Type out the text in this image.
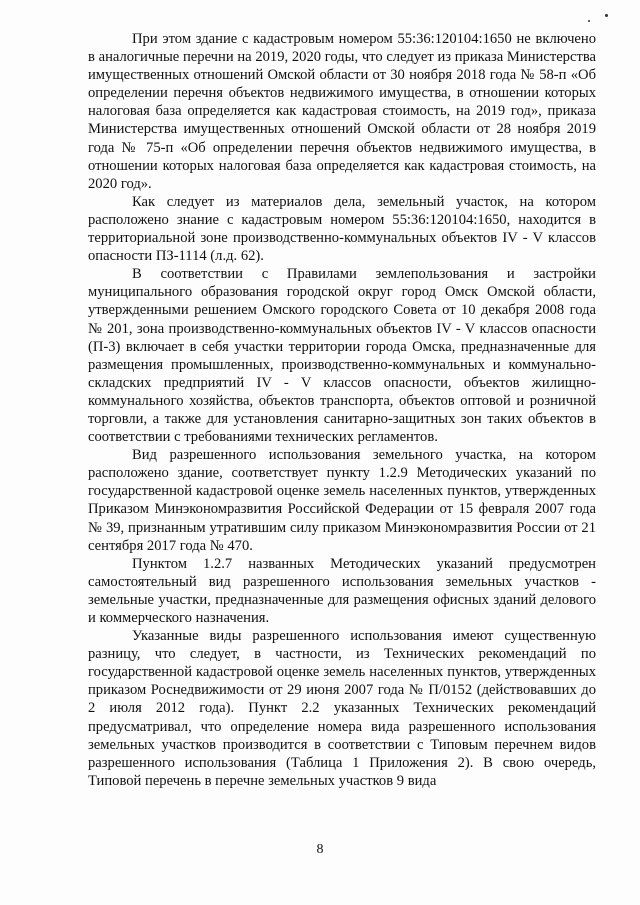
При этом здание с кадастровым номером 55:36:120104:1650 не включено в аналогичные перечни на 2019, 2020 годы, что следует из приказа Министерства имущественных отношений Омской области от 30 ноября 2018 года № 58-п «Об определении перечня объектов недвижимого имущества, в отношении которых налоговая база определяется как кадастровая стоимость, на 2019 год», приказа Министерства имущественных отношений Омской области от 28 ноября 2019 года № 75-п «Об определении перечня объектов недвижимого имущества, в отношении которых налоговая база определяется как кадастровая стоимость, на 2020 год».

Как следует из материалов дела, земельный участок, на котором расположено знание с кадастровым номером 55:36:120104:1650, находится в территориальной зоне производственно-коммунальных объектов IV - V классов опасности ПЗ-1114 (л.д. 62).

В соответствии с Правилами землепользования и застройки муниципального образования городской округ город Омск Омской области, утвержденными решением Омского городского Совета от 10 декабря 2008 года № 201, зона производственно-коммунальных объектов IV - V классов опасности (П-3) включает в себя участки территории города Омска, предназначенные для размещения промышленных, производственно-коммунальных и коммунально-складских предприятий IV - V классов опасности, объектов жилищно-коммунального хозяйства, объектов транспорта, объектов оптовой и розничной торговли, а также для установления санитарно-защитных зон таких объектов в соответствии с требованиями технических регламентов.

Вид разрешенного использования земельного участка, на котором расположено здание, соответствует пункту 1.2.9 Методических указаний по государственной кадастровой оценке земель населенных пунктов, утвержденных Приказом Минэкономразвития Российской Федерации от 15 февраля 2007 года № 39, признанным утратившим силу приказом Минэкономразвития России от 21 сентября 2017 года № 470.

Пунктом 1.2.7 названных Методических указаний предусмотрен самостоятельный вид разрешенного использования земельных участков - земельные участки, предназначенные для размещения офисных зданий делового и коммерческого назначения.

Указанные виды разрешенного использования имеют существенную разницу, что следует, в частности, из Технических рекомендаций по государственной кадастровой оценке земель населенных пунктов, утвержденных приказом Роснедвижимости от 29 июня 2007 года № П/0152 (действовавших до 2 июля 2012 года). Пункт 2.2 указанных Технических рекомендаций предусматривал, что определение номера вида разрешенного использования земельных участков производится в соответствии с Типовым перечнем видов разрешенного использования (Таблица 1 Приложения 2). В свою очередь, Типовой перечень в перечне земельных участков 9 вида

8
